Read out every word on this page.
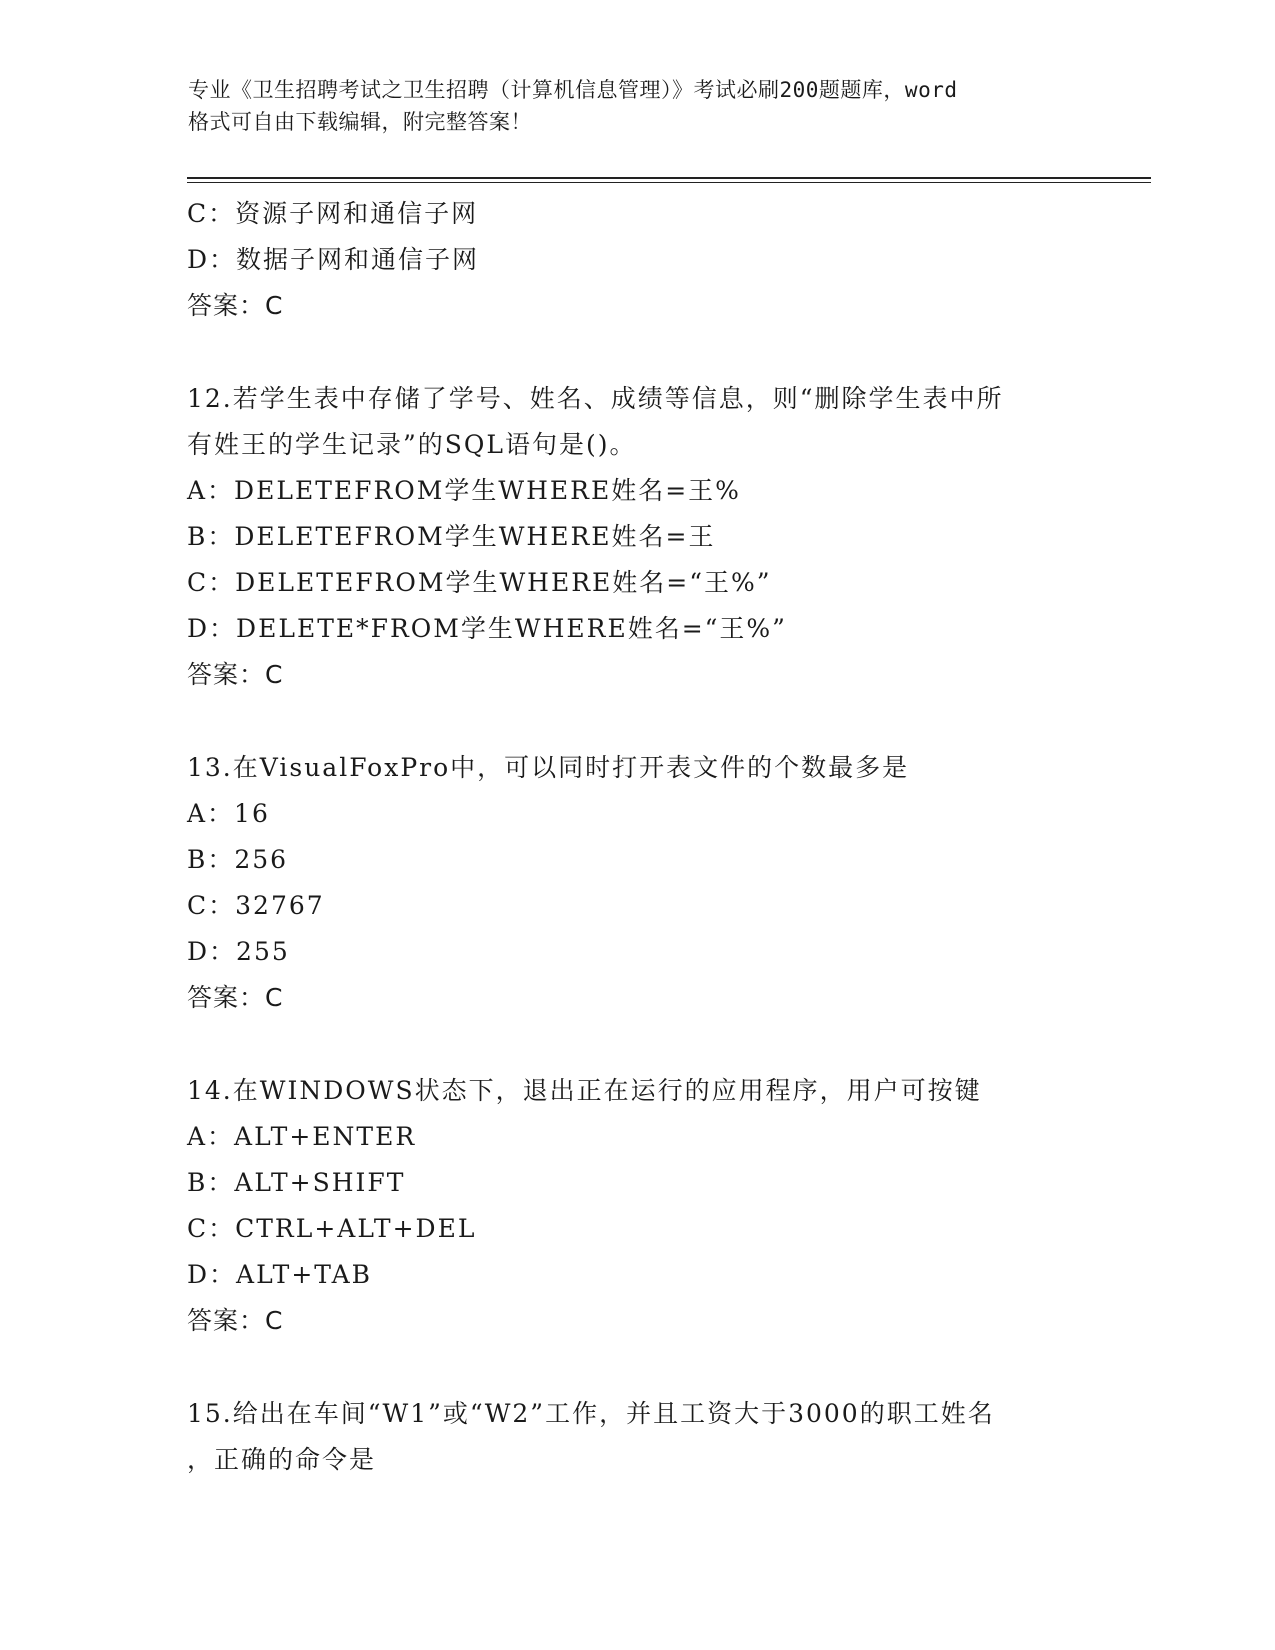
专业《卫生招聘考试之卫生招聘（计算机信息管理）》考试必刷200题题库，word
格式可自由下载编辑，附完整答案！
C：资源子网和通信子网
D：数据子网和通信子网
答案：C
12.若学生表中存储了学号、姓名、成绩等信息，则“删除学生表中所
有姓王的学生记录”的SQL语句是()。
A：DELETEFROM学生WHERE姓名=王%
B：DELETEFROM学生WHERE姓名=王
C：DELETEFROM学生WHERE姓名=“王%”
D：DELETE*FROM学生WHERE姓名=“王%”
答案：C
13.在VisualFoxPro中，可以同时打开表文件的个数最多是
A：16
B：256
C：32767
D：255
答案：C
14.在WINDOWS状态下，退出正在运行的应用程序，用户可按键
A：ALT+ENTER
B：ALT+SHIFT
C：CTRL+ALT+DEL
D：ALT+TAB
答案：C
15.给出在车间“W1”或“W2”工作，并且工资大于3000的职工姓名
，正确的命令是
